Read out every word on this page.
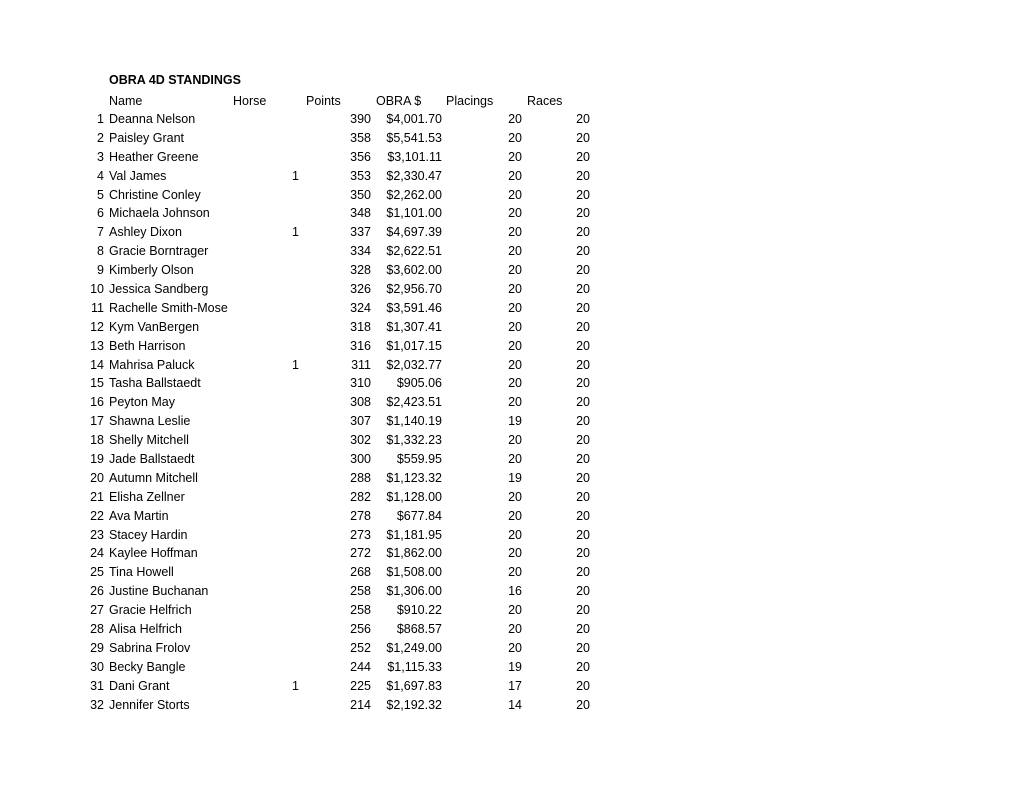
OBRA 4D STANDINGS
Name	Horse	Points	OBRA $ Placings	Races
1 Deanna Nelson	390 $4,001.70	20	20
2 Paisley Grant	358 $5,541.53	20	20
3 Heather Greene	356 $3,101.11	20	20
4 Val James	1	353 $2,330.47	20	20
5 Christine Conley	350 $2,262.00	20	20
6 Michaela Johnson	348 $1,101.00	20	20
7 Ashley Dixon	1	337 $4,697.39	20	20
8 Gracie Borntrager	334 $2,622.51	20	20
9 Kimberly Olson	328 $3,602.00	20	20
10 Jessica Sandberg	326 $2,956.70	20	20
11 Rachelle Smith-Mose	324 $3,591.46	20	20
12 Kym VanBergen	318 $1,307.41	20	20
13 Beth Harrison	316 $1,017.15	20	20
14 Mahrisa Paluck	1	311 $2,032.77	20	20
15 Tasha Ballstaedt	310 $905.06	20	20
16 Peyton May	308 $2,423.51	20	20
17 Shawna Leslie	307 $1,140.19	19	20
18 Shelly Mitchell	302 $1,332.23	20	20
19 Jade Ballstaedt	300 $559.95	20	20
20 Autumn Mitchell	288 $1,123.32	19	20
21 Elisha Zellner	282 $1,128.00	20	20
22 Ava Martin	278 $677.84	20	20
23 Stacey Hardin	273 $1,181.95	20	20
24 Kaylee Hoffman	272 $1,862.00	20	20
25 Tina Howell	268 $1,508.00	20	20
26 Justine Buchanan	258 $1,306.00	16	20
27 Gracie Helfrich	258 $910.22	20	20
28 Alisa Helfrich	256 $868.57	20	20
29 Sabrina Frolov	252 $1,249.00	20	20
30 Becky Bangle	244 $1,115.33	19	20
31 Dani Grant	1	225 $1,697.83	17	20
32 Jennifer Storts	214 $2,192.32	14	20
